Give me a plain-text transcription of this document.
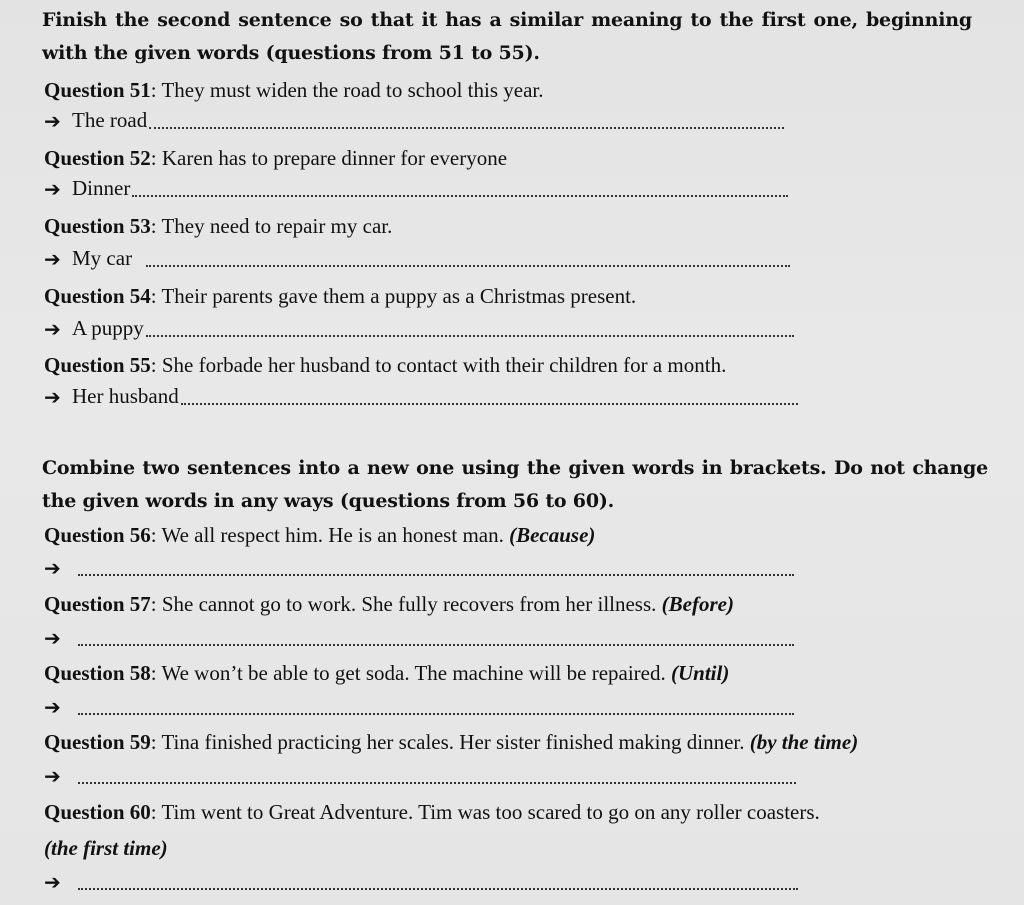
Finish the second sentence so that it has a similar meaning to the first one, beginning with the given words (questions from 51 to 55).

Question 51: They must widen the road to school this year.
➔ The road
Question 52: Karen has to prepare dinner for everyone
➔ Dinner
Question 53: They need to repair my car.
➔ My car
Question 54: Their parents gave them a puppy as a Christmas present.
➔ A puppy
Question 55: She forbade her husband to contact with their children for a month.
➔ Her husband

Combine two sentences into a new one using the given words in brackets. Do not change the given words in any ways (questions from 56 to 60).

Question 56: We all respect him. He is an honest man. (Because)
➔
Question 57: She cannot go to work. She fully recovers from her illness. (Before)
➔
Question 58: We won’t be able to get soda. The machine will be repaired. (Until)
➔
Question 59: Tina finished practicing her scales. Her sister finished making dinner. (by the time)
➔
Question 60: Tim went to Great Adventure. Tim was too scared to go on any roller coasters.
(the first time)
➔
